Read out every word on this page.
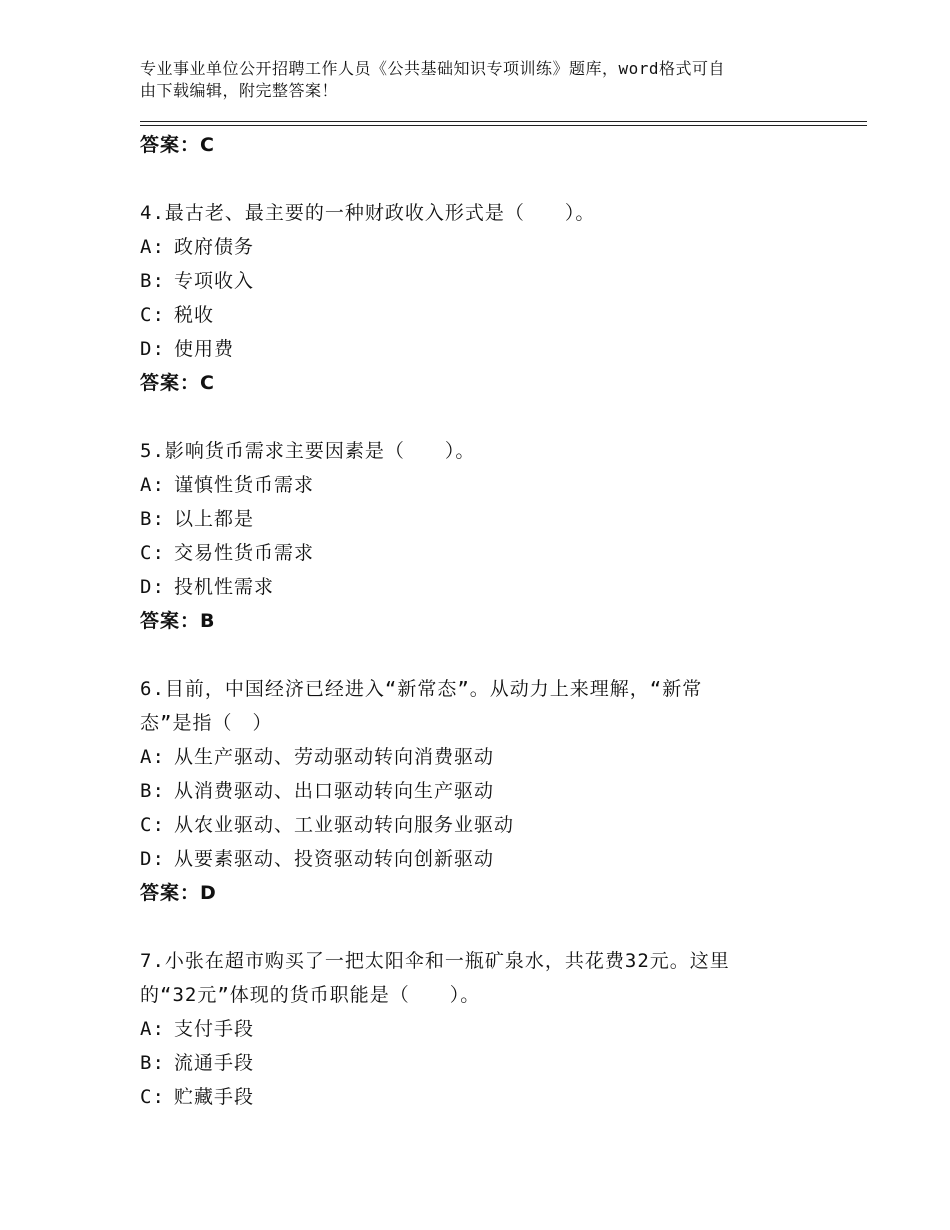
专业事业单位公开招聘工作人员《公共基础知识专项训练》题库，word格式可自
由下载编辑，附完整答案！
答案：C
4.最古老、最主要的一种财政收入形式是（　　）。
A: 政府债务
B: 专项收入
C: 税收
D: 使用费
答案：C
5.影响货币需求主要因素是（　　）。
A: 谨慎性货币需求
B: 以上都是
C: 交易性货币需求
D: 投机性需求
答案：B
6.目前，中国经济已经进入“新常态”。从动力上来理解，“新常
态”是指（　）
A: 从生产驱动、劳动驱动转向消费驱动
B: 从消费驱动、出口驱动转向生产驱动
C: 从农业驱动、工业驱动转向服务业驱动
D: 从要素驱动、投资驱动转向创新驱动
答案：D
7.小张在超市购买了一把太阳伞和一瓶矿泉水，共花费32元。这里
的“32元”体现的货币职能是（　　）。
A: 支付手段
B: 流通手段
C: 贮藏手段
